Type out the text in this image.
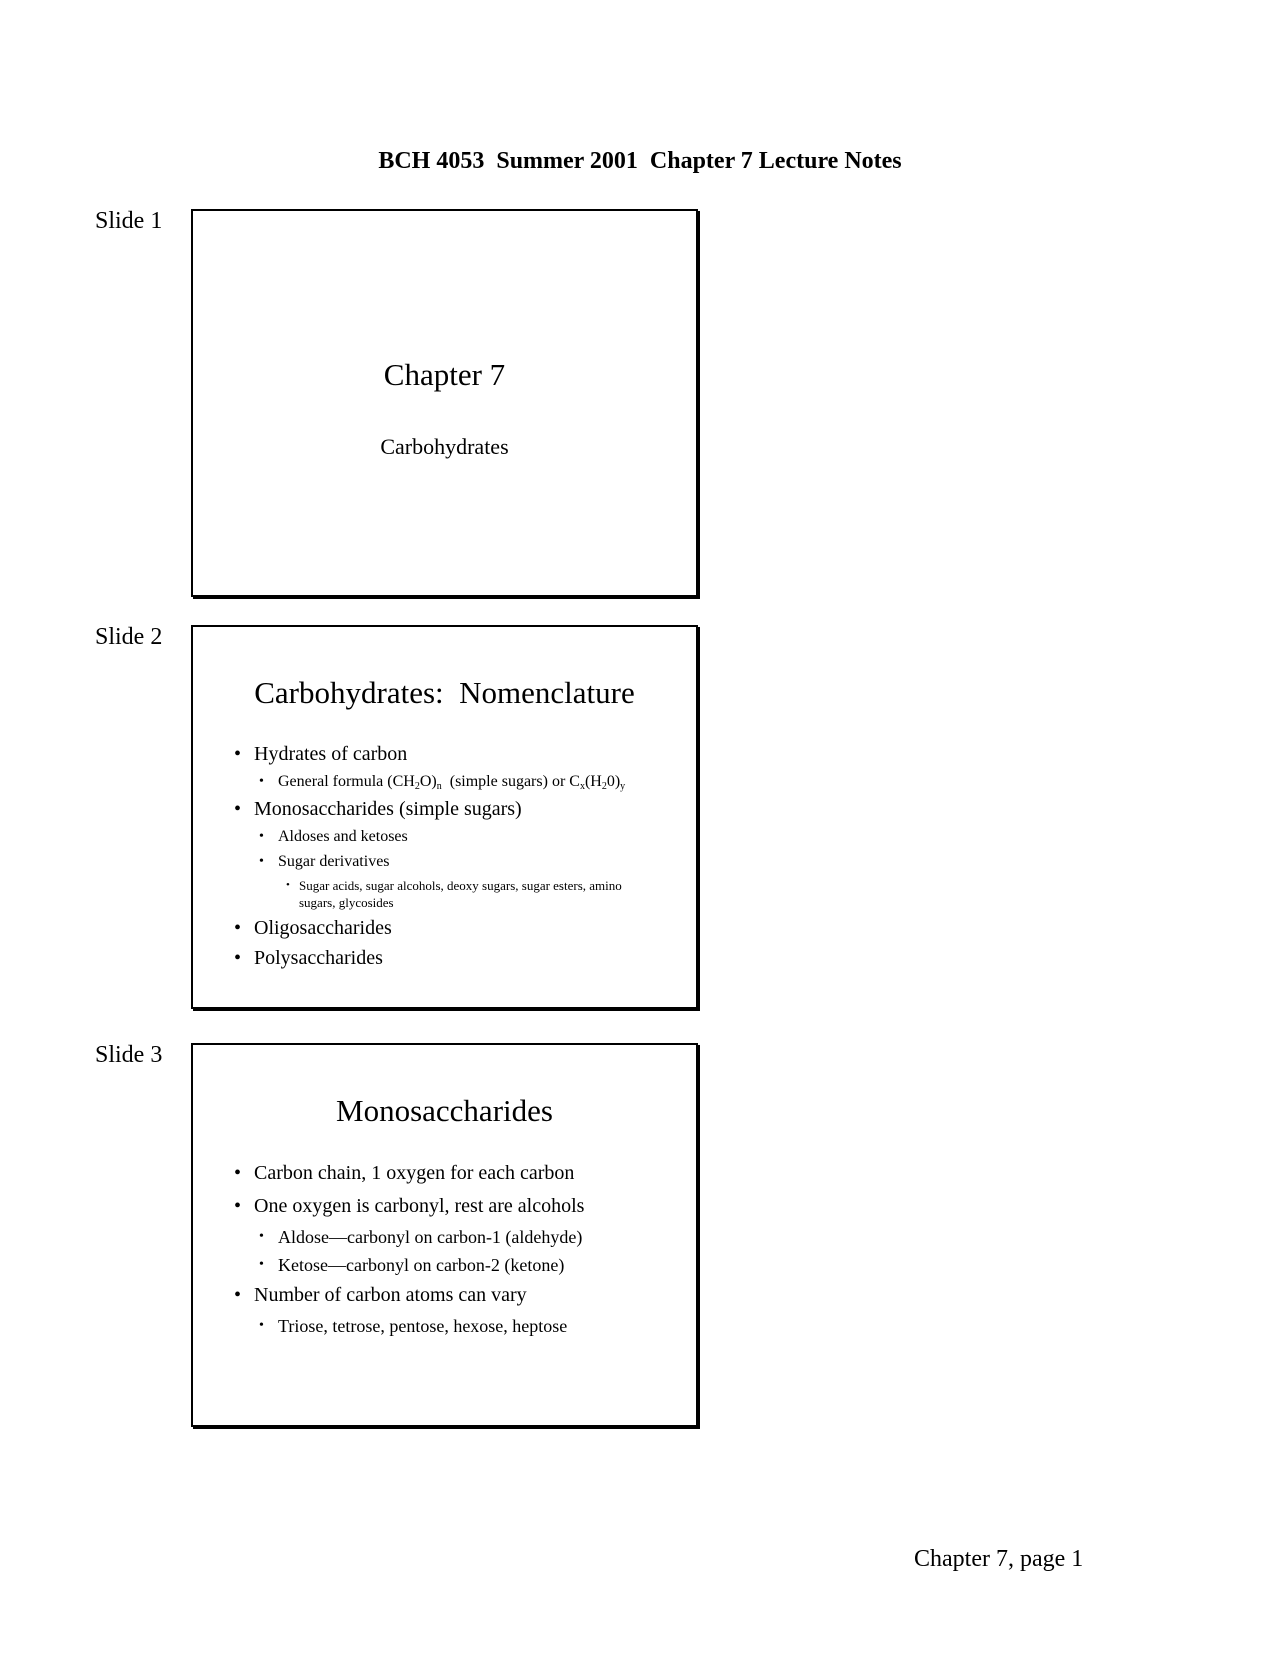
BCH 4053  Summer 2001  Chapter 7 Lecture Notes
Slide 1
Chapter 7
Carbohydrates
Slide 2
Carbohydrates:  Nomenclature
• Hydrates of carbon
• General formula $(CH_2O)_n$  (simple sugars) or $C_x(H_20)_y$
• Monosaccharides (simple sugars)
• Aldoses and ketoses
• Sugar derivatives
• Sugar acids, sugar alcohols, deoxy sugars, sugar esters, amino sugars, glycosides
• Oligosaccharides
• Polysaccharides
Slide 3
Monosaccharides
• Carbon chain, 1 oxygen for each carbon
• One oxygen is carbonyl, rest are alcohols
• Aldose—carbonyl on carbon-1 (aldehyde)
• Ketose—carbonyl on carbon-2 (ketone)
• Number of carbon atoms can vary
• Triose, tetrose, pentose, hexose, heptose
Chapter 7, page 1
